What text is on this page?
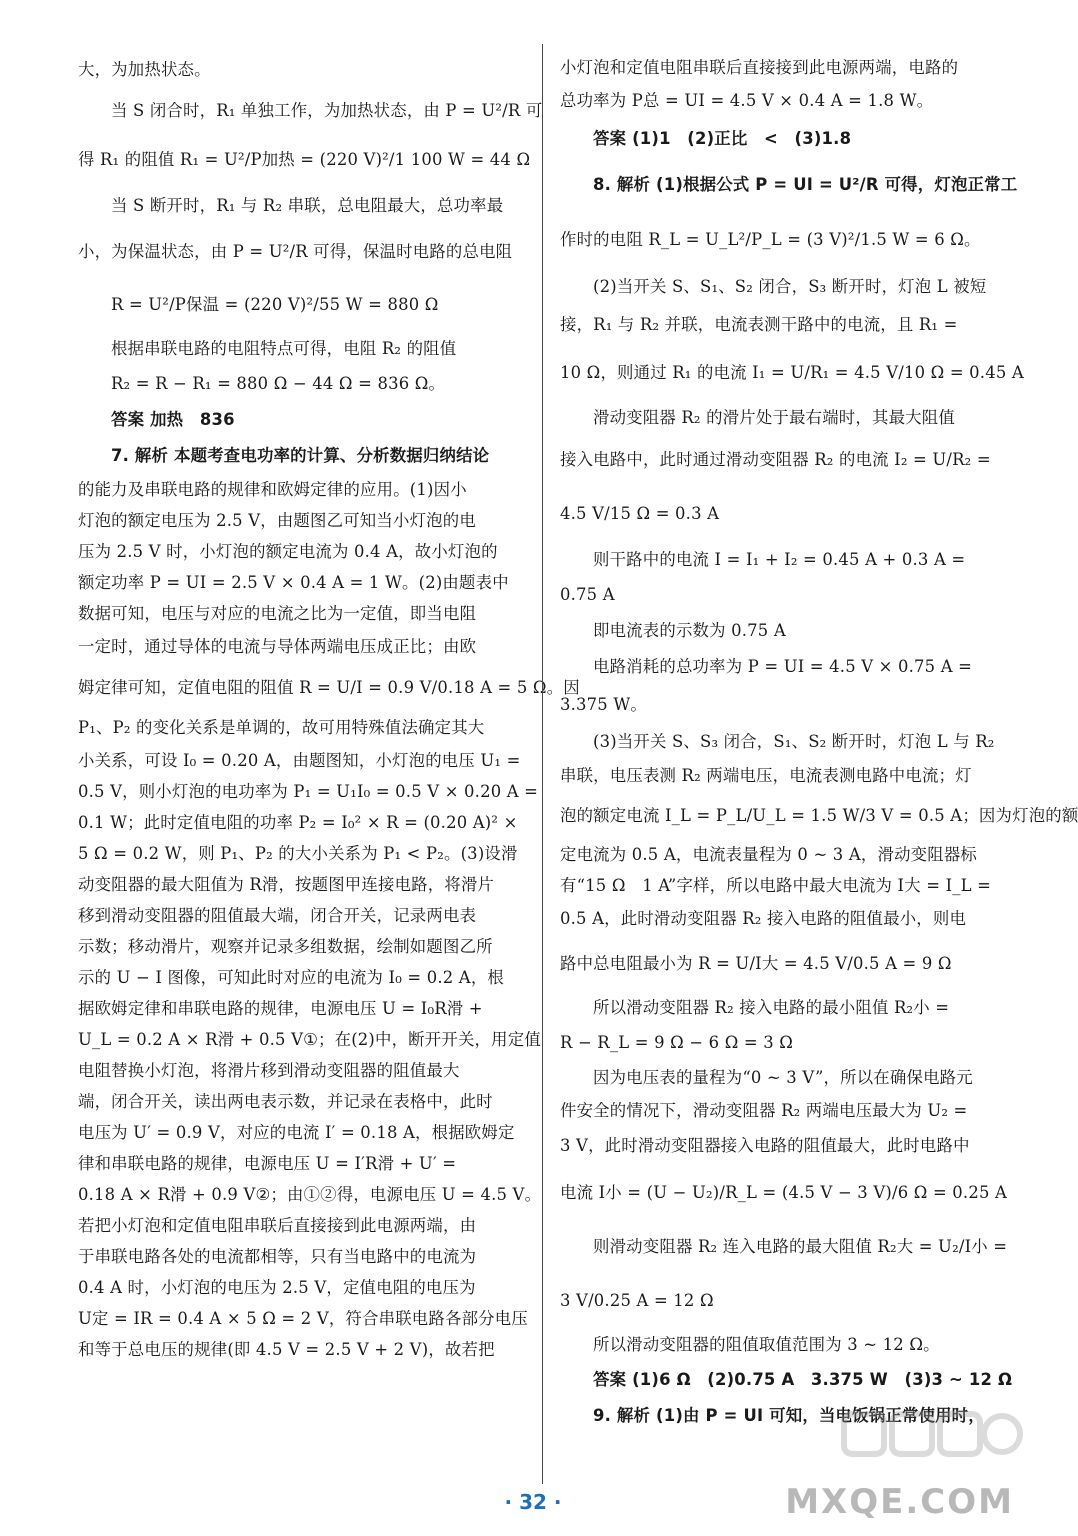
大，为加热状态。
当 S 闭合时，R₁ 单独工作，为加热状态，由 P = U²/R 可
得 R₁ 的阻值 R₁ = U²/P加热 = (220 V)²/1 100 W = 44 Ω
当 S 断开时，R₁ 与 R₂ 串联，总电阻最大，总功率最
小，为保温状态，由 P = U²/R 可得，保温时电路的总电阻
R = U²/P保温 = (220 V)²/55 W = 880 Ω
根据串联电路的电阻特点可得，电阻 R₂ 的阻值
R₂ = R − R₁ = 880 Ω − 44 Ω = 836 Ω。
答案 加热　836
7. 解析 本题考查电功率的计算、分析数据归纳结论
的能力及串联电路的规律和欧姆定律的应用。(1)因小
灯泡的额定电压为 2.5 V，由题图乙可知当小灯泡的电
压为 2.5 V 时，小灯泡的额定电流为 0.4 A，故小灯泡的
额定功率 P = UI = 2.5 V × 0.4 A = 1 W。(2)由题表中
数据可知，电压与对应的电流之比为一定值，即当电阻
一定时，通过导体的电流与导体两端电压成正比；由欧
姆定律可知，定值电阻的阻值 R = U/I = 0.9 V/0.18 A = 5 Ω。因
P₁、P₂ 的变化关系是单调的，故可用特殊值法确定其大
小关系，可设 I₀ = 0.20 A，由题图知，小灯泡的电压 U₁ =
0.5 V，则小灯泡的电功率为 P₁ = U₁I₀ = 0.5 V × 0.20 A =
0.1 W；此时定值电阻的功率 P₂ = I₀² × R = (0.20 A)² ×
5 Ω = 0.2 W，则 P₁、P₂ 的大小关系为 P₁ < P₂。(3)设滑
动变阻器的最大阻值为 R滑，按题图甲连接电路，将滑片
移到滑动变阻器的阻值最大端，闭合开关，记录两电表
示数；移动滑片，观察并记录多组数据，绘制如题图乙所
示的 U − I 图像，可知此时对应的电流为 I₀ = 0.2 A，根
据欧姆定律和串联电路的规律，电源电压 U = I₀R滑 +
U_L = 0.2 A × R滑 + 0.5 V①；在(2)中，断开开关，用定值
电阻替换小灯泡，将滑片移到滑动变阻器的阻值最大
端，闭合开关，读出两电表示数，并记录在表格中，此时
电压为 U′ = 0.9 V，对应的电流 I′ = 0.18 A，根据欧姆定
律和串联电路的规律，电源电压 U = I′R滑 + U′ =
0.18 A × R滑 + 0.9 V②；由①②得，电源电压 U = 4.5 V。
若把小灯泡和定值电阻串联后直接接到此电源两端，由
于串联电路各处的电流都相等，只有当电路中的电流为
0.4 A 时，小灯泡的电压为 2.5 V，定值电阻的电压为
U定 = IR = 0.4 A × 5 Ω = 2 V，符合串联电路各部分电压
和等于总电压的规律(即 4.5 V = 2.5 V + 2 V)，故若把
小灯泡和定值电阻串联后直接接到此电源两端，电路的
总功率为 P总 = UI = 4.5 V × 0.4 A = 1.8 W。
答案 (1)1　(2)正比　<　(3)1.8
8. 解析 (1)根据公式 P = UI = U²/R 可得，灯泡正常工
作时的电阻 R_L = U_L²/P_L = (3 V)²/1.5 W = 6 Ω。
(2)当开关 S、S₁、S₂ 闭合，S₃ 断开时，灯泡 L 被短
接，R₁ 与 R₂ 并联，电流表测干路中的电流，且 R₁ =
10 Ω，则通过 R₁ 的电流 I₁ = U/R₁ = 4.5 V/10 Ω = 0.45 A
滑动变阻器 R₂ 的滑片处于最右端时，其最大阻值
接入电路中，此时通过滑动变阻器 R₂ 的电流 I₂ = U/R₂ =
4.5 V/15 Ω = 0.3 A
则干路中的电流 I = I₁ + I₂ = 0.45 A + 0.3 A =
0.75 A
即电流表的示数为 0.75 A
电路消耗的总功率为 P = UI = 4.5 V × 0.75 A =
3.375 W。
(3)当开关 S、S₃ 闭合，S₁、S₂ 断开时，灯泡 L 与 R₂
串联，电压表测 R₂ 两端电压，电流表测电路中电流；灯
泡的额定电流 I_L = P_L/U_L = 1.5 W/3 V = 0.5 A；因为灯泡的额
定电流为 0.5 A，电流表量程为 0 ~ 3 A，滑动变阻器标
有“15 Ω　1 A”字样，所以电路中最大电流为 I大 = I_L =
0.5 A，此时滑动变阻器 R₂ 接入电路的阻值最小，则电
路中总电阻最小为 R = U/I大 = 4.5 V/0.5 A = 9 Ω
所以滑动变阻器 R₂ 接入电路的最小阻值 R₂小 =
R − R_L = 9 Ω − 6 Ω = 3 Ω
因为电压表的量程为“0 ~ 3 V”，所以在确保电路元
件安全的情况下，滑动变阻器 R₂ 两端电压最大为 U₂ =
3 V，此时滑动变阻器接入电路的阻值最大，此时电路中
电流 I小 = (U − U₂)/R_L = (4.5 V − 3 V)/6 Ω = 0.25 A
则滑动变阻器 R₂ 连入电路的最大阻值 R₂大 = U₂/I小 =
3 V/0.25 A = 12 Ω
所以滑动变阻器的阻值取值范围为 3 ~ 12 Ω。
答案 (1)6 Ω　(2)0.75 A　3.375 W　(3)3 ~ 12 Ω
9. 解析 (1)由 P = UI 可知，当电饭锅正常使用时，
· 32 ·	MXQE.COM
